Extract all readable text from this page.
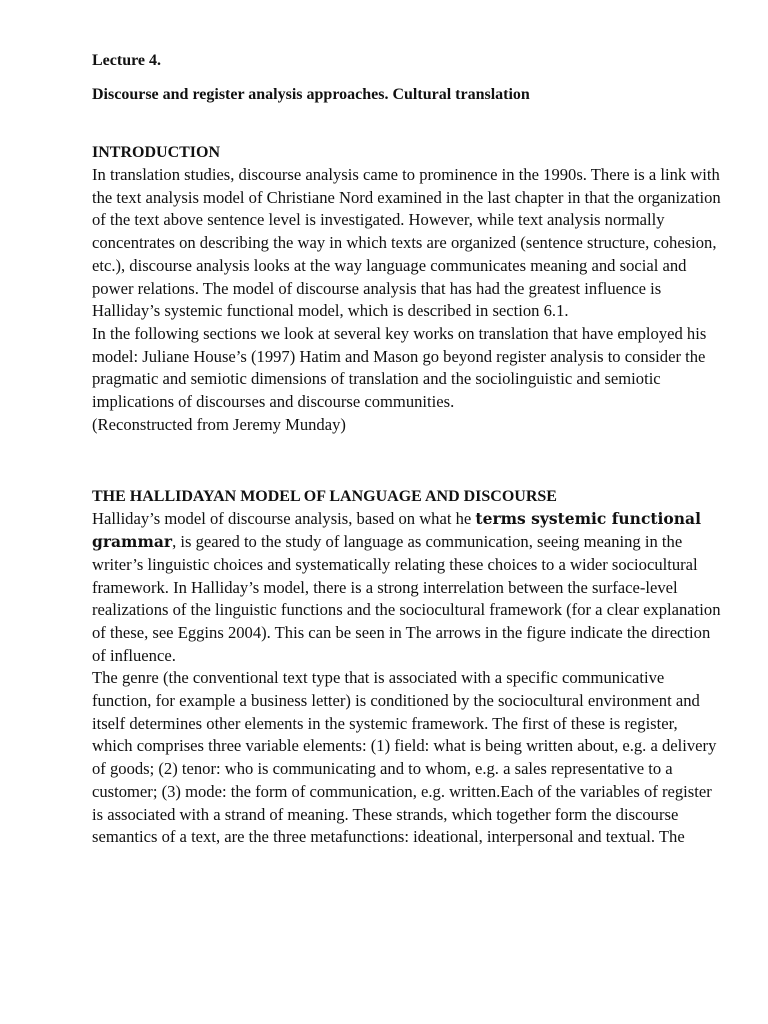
Lecture 4.
Discourse and register analysis approaches. Cultural translation
INTRODUCTION

In translation studies, discourse analysis came to prominence in the 1990s. There is a link with the text analysis model of Christiane Nord examined in the last chapter in that the organization of the text above sentence level is investigated. However, while text analysis normally concentrates on describing the way in which texts are organized (sentence structure, cohesion, etc.), discourse analysis looks at the way language communicates meaning and social and power relations. The model of discourse analysis that has had the greatest influence is Halliday’s systemic functional model, which is described in section 6.1.

In the following sections we look at several key works on translation that have employed his model: Juliane House’s (1997) Hatim and Mason go beyond register analysis to consider the pragmatic and semiotic dimensions of translation and the sociolinguistic and semiotic implications of discourses and discourse communities.

(Reconstructed from Jeremy Munday)

THE HALLIDAYAN MODEL OF LANGUAGE AND DISCOURSE

Halliday’s model of discourse analysis, based on what he terms systemic functional grammar, is geared to the study of language as communication, seeing meaning in the writer’s linguistic choices and systematically relating these choices to a wider sociocultural framework. In Halliday’s model, there is a strong interrelation between the surface-level realizations of the linguistic functions and the sociocultural framework (for a clear explanation of these, see Eggins 2004). This can be seen in The arrows in the figure indicate the direction of influence.

The genre (the conventional text type that is associated with a specific communicative function, for example a business letter) is conditioned by the sociocultural environment and itself determines other elements in the systemic framework. The first of these is register, which comprises three variable elements: (1) field: what is being written about, e.g. a delivery of goods; (2) tenor: who is communicating and to whom, e.g. a sales representative to a customer; (3) mode: the form of communication, e.g. written.Each of the variables of register is associated with a strand of meaning. These strands, which together form the discourse semantics of a text, are the three metafunctions: ideational, interpersonal and textual. The
